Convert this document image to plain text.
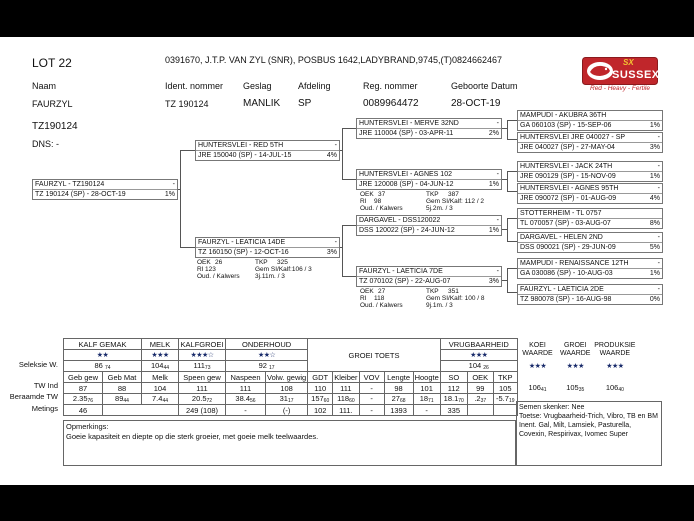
LOT 22	0391670, J.T.P. VAN ZYL (SNR), POSBUS 1642,LADYBRAND,9745,(T)0824662467
Naam	Ident. nommer Geslag	Afdeling	Reg. nommer	Geboorte Datum
FAURZYL	TZ 190124	MANLIK SP	0089964472	28-OCT-19
TZ190124
DNS: -
SX
SUSSEX
Red - Heavy - Fertile
FAURZYL - TZ190124	-
TZ 190124 (SP) - 28-OCT-19	1%
HUNTERSVLEI - RED 5TH	-
JRE 150040 (SP) - 14-JUL-15	4%
FAURZYL - LEATICIA 14DE	-
TZ 160150 (SP) - 12-OCT-16	3%
OEK 26	TKP 325
RI 123	Gem SI/Kalf:106 / 3
Oud. / Kalwers 3j.11m. / 3
HUNTERSVLEI - MERVE 32ND	-
JRE 110004 (SP) - 03-APR-11	2%
HUNTERSVLEI - AGNES 102	-
JRE 120008 (SP) - 04-JUN-12	1%
OEK 37	TKP 387
RI 98	Gem SI/Kalf: 112 / 2
Oud. / Kalwers	5j.2m. / 3
DARGAVEL - DSS120022	-
DSS 120022 (SP) - 24-JUN-12	1%
FAURZYL - LAETICIA 7DE	-
TZ 070102 (SP) - 22-AUG-07	3%
OEK 27	TKP 351
RI 118	Gem SI/Kalf: 100 / 8
Oud. / Kalwers	9j.1m. / 3
MAMPUDI - AKUBRA 36TH
GA 060103 (SP) - 15-SEP-06	1%
HUNTERSVLEI JRE 040027 - SP	-
JRE 040027 (SP) - 27-MAY-04	3%
HUNTERSVLEI - JACK 24TH	-
JRE 090129 (SP) - 15-NOV-09	1%
HUNTERSVLEI - AGNES 95TH	-
JRE 090072 (SP) - 01-AUG-09	4%
STOTTERHEIM - TL 0757
TL 070057 (SP) - 03-AUG-07	8%
DARGAVEL - HELEN 2ND	-
DSS 090021 (SP) - 29-JUN-09	5%
MAMPUDI - RENAISSANCE 12TH	-
GA 030086 (SP) - 10-AUG-03	1%
FAURZYL - LAETICIA 2DE	-
TZ 980078 (SP) - 16-AUG-98	0%
Seleksie W.
TW Ind
Beraamde TW
Metings
KALF GEMAK		MELK	KALFGROEI	ONDERHOUD		GROEI TOETS					VRUGBAARHEID			KOEI WAARDE	GROEI WAARDE	PRODUKSIE WAARDE
★★		★★★	★★★☆	★★☆							★★★					
86 $_{74}$		$104_{44}$	$111_{73}$	92 $_{17}$							104 $_{26}$			★★★	★★★	★★★
Geb gew	Geb Mat	Melk	Speen gew	Naspeen	Volw. gewig	GDT	Kleiber	VOV	Lengte	Hoogte	SO	OEK	TKP			
87	88	104	111	111	108	110	111	-	98	101	112	99	105	$106_{41}$	$105_{35}$	$106_{40}$
$2.35_{76}$	$89_{44}$	$7.4_{44}$	$20.5_{72}$	$38.4_{56}$	$31_{17}$	$157_{60}$	$118_{60}$	-	$27_{68}$	$18_{71}$	$18.1_{70}$	$.2_{37}$	$-5.7_{19}$
46			249 (108)	-	(-)	102	111.	-	1393	-	335					
Opmerkings:
Goeie kapasiteit en diepte op die sterk groeier, met goeie melk teelwaardes.
Semen skenker: Nee
Toetse: Vrugbaarheid-Trich, Vibro, TB en BM
Inent. Gal, Milt, Lamsiek, Pasturella, Covexin, Respirivax, Ivomec Super
